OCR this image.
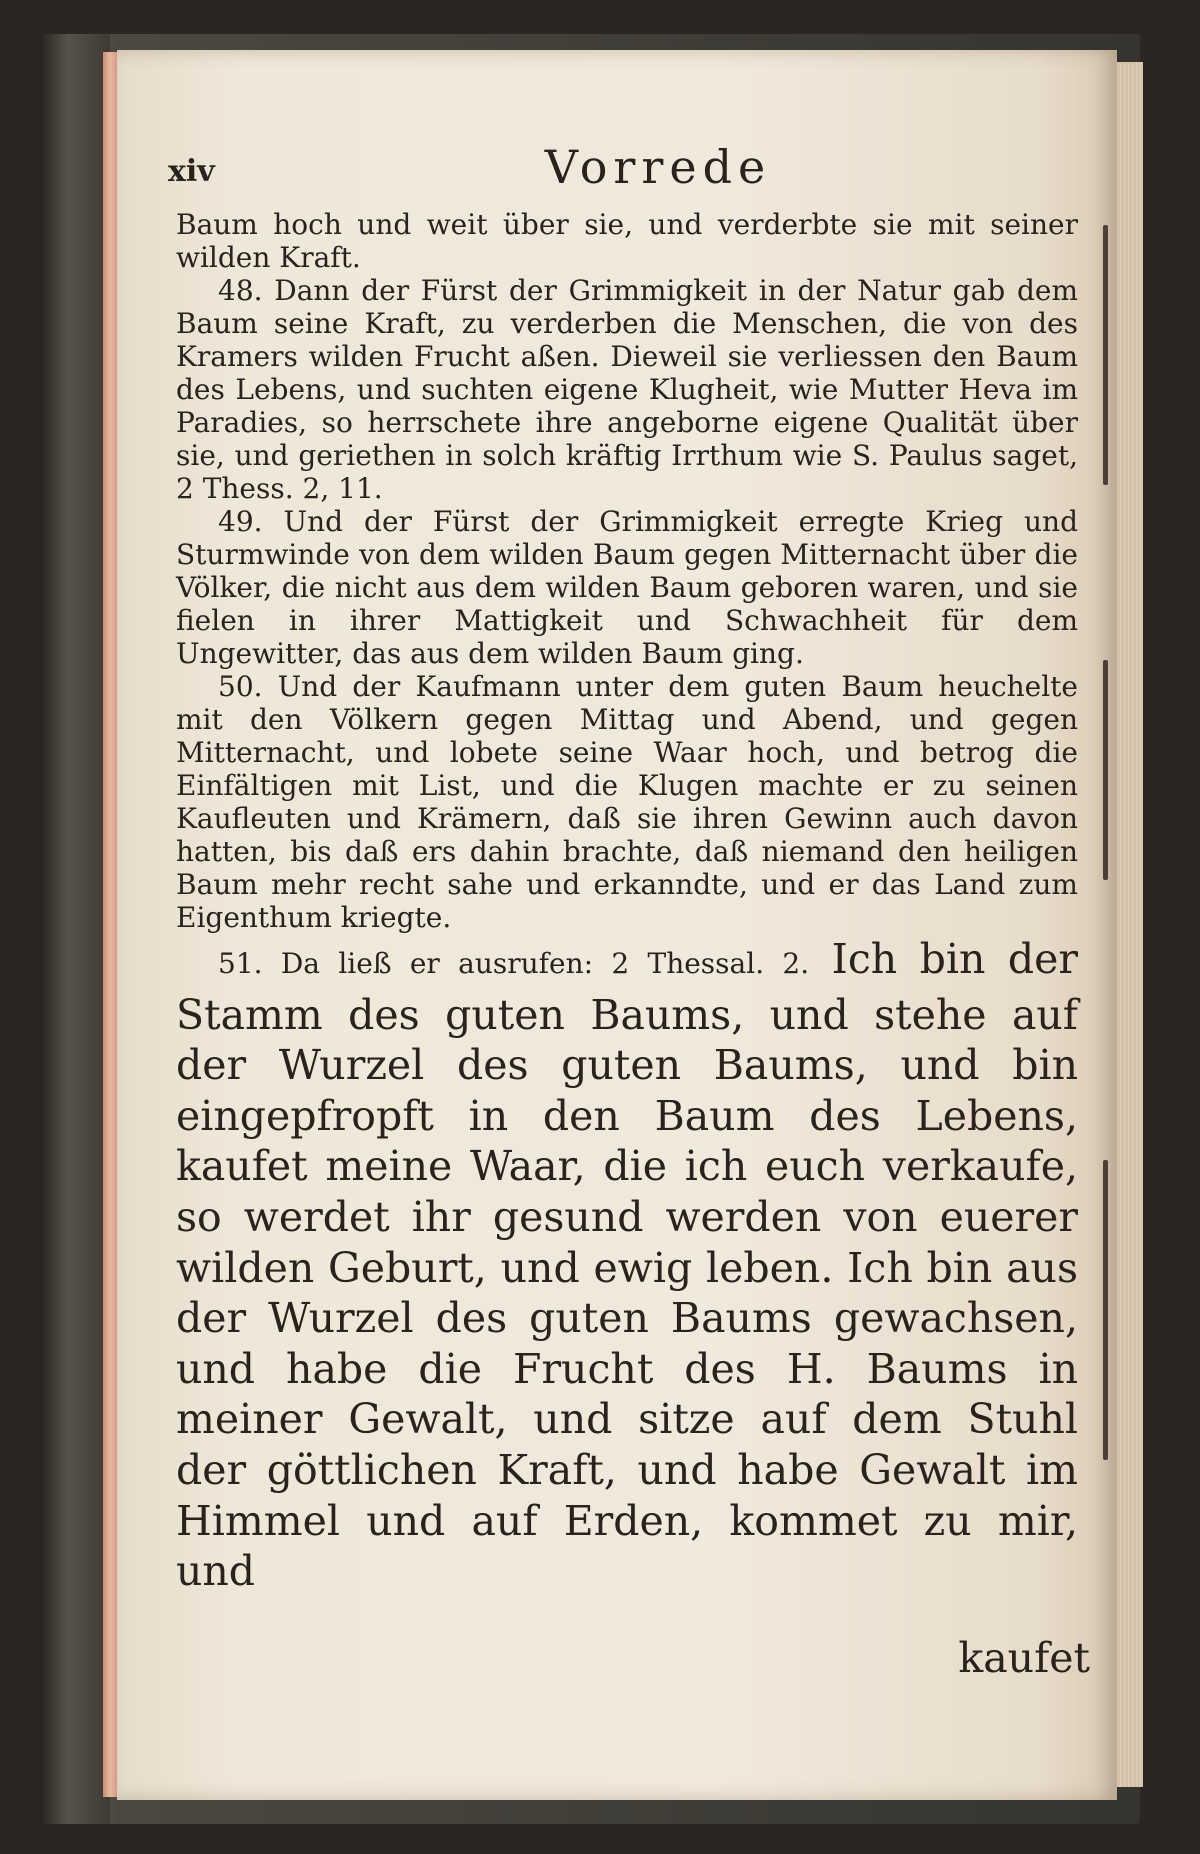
xiv	Vorrede

Baum hoch und weit über sie, und verderbte sie mit seiner wilden Kraft.

48. Dann der Fürst der Grimmigkeit in der Natur gab dem Baum seine Kraft, zu verderben die Menschen, die von des Kramers wilden Frucht aßen. Dieweil sie verliessen den Baum des Lebens, und suchten eigene Klugheit, wie Mutter Heva im Paradies, so herrschete ihre angeborne eigene Qualität über sie, und geriethen in solch kräftig Irrthum wie S. Paulus saget, 2 Thess. 2, 11.

49. Und der Fürst der Grimmigkeit erregte Krieg und Sturmwinde von dem wilden Baum gegen Mitternacht über die Völker, die nicht aus dem wilden Baum geboren waren, und sie fielen in ihrer Mattigkeit und Schwachheit für dem Ungewitter, das aus dem wilden Baum ging.

50. Und der Kaufmann unter dem guten Baum heuchelte mit den Völkern gegen Mittag und Abend, und gegen Mitternacht, und lobete seine Waar hoch, und betrog die Einfältigen mit List, und die Klugen machte er zu seinen Kaufleuten und Krämern, daß sie ihren Gewinn auch davon hatten, bis daß ers dahin brachte, daß niemand den heiligen Baum mehr recht sahe und erkanndte, und er das Land zum Eigenthum kriegte.

51. Da ließ er ausrufen: 2 Thessal. 2. Ich bin der Stamm des guten Baums, und stehe auf der Wurzel des guten Baums, und bin eingepfropft in den Baum des Lebens, kaufet meine Waar, die ich euch verkaufe, so werdet ihr gesund werden von euerer wilden Geburt, und ewig leben. Ich bin aus der Wurzel des guten Baums gewachsen, und habe die Frucht des H. Baums in meiner Gewalt, und sitze auf dem Stuhl der göttlichen Kraft, und habe Gewalt im Himmel und auf Erden, kommet zu mir, und

kaufet
